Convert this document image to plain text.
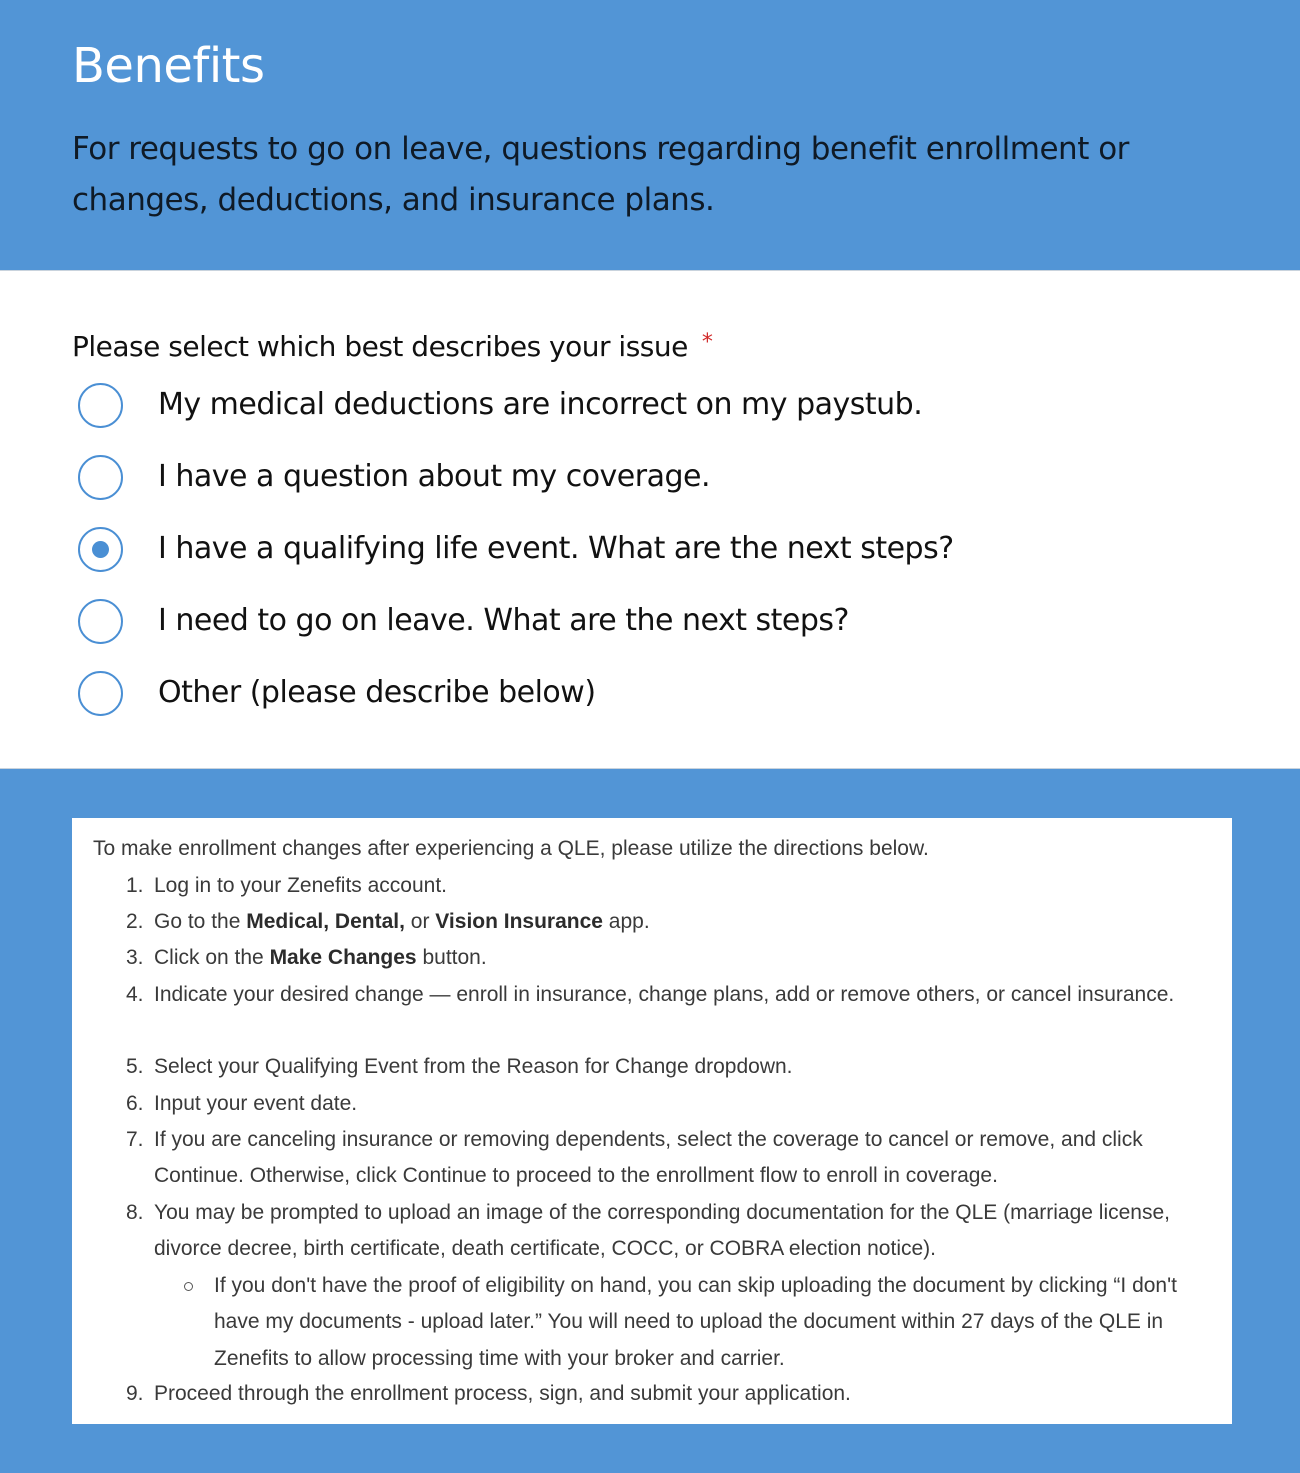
Benefits
For requests to go on leave, questions regarding benefit enrollment or changes, deductions, and insurance plans.
Please select which best describes your issue *
My medical deductions are incorrect on my paystub.
I have a question about my coverage.
I have a qualifying life event. What are the next steps?
I need to go on leave. What are the next steps?
Other (please describe below)
To make enrollment changes after experiencing a QLE, please utilize the directions below.
1. Log in to your Zenefits account.
2. Go to the Medical, Dental, or Vision Insurance app.
3. Click on the Make Changes button.
4. Indicate your desired change — enroll in insurance, change plans, add or remove others, or cancel insurance.
5. Select your Qualifying Event from the Reason for Change dropdown.
6. Input your event date.
7. If you are canceling insurance or removing dependents, select the coverage to cancel or remove, and click Continue. Otherwise, click Continue to proceed to the enrollment flow to enroll in coverage.
8. You may be prompted to upload an image of the corresponding documentation for the QLE (marriage license, divorce decree, birth certificate, death certificate, COCC, or COBRA election notice).
If you don't have the proof of eligibility on hand, you can skip uploading the document by clicking “I don't have my documents - upload later.” You will need to upload the document within 27 days of the QLE in Zenefits to allow processing time with your broker and carrier.
9. Proceed through the enrollment process, sign, and submit your application.
